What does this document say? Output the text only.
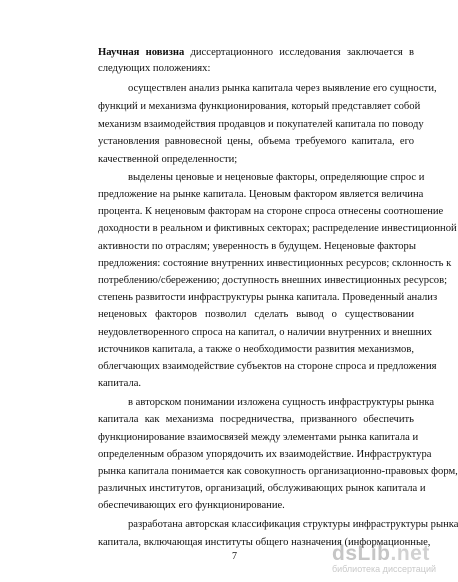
Научная новизна диссертационного исследования заключается в
следующих положениях:
осуществлен анализ рынка капитала через выявление его сущности,
функций и механизма функционирования, который представляет собой
механизм взаимодействия продавцов и покупателей капитала по поводу
установления равновесной цены, объема требуемого капитала, его
качественной определенности;
выделены ценовые и неценовые факторы, определяющие спрос и
предложение на рынке капитала. Ценовым фактором является величина
процента. К неценовым факторам на стороне спроса отнесены соотношение
доходности в реальном и фиктивных секторах; распределение инвестиционной
активности по отраслям; уверенность в будущем. Неценовые факторы
предложения: состояние внутренних инвестиционных ресурсов; склонность к
потреблению/сбережению; доступность внешних инвестиционных ресурсов;
степень развитости инфраструктуры рынка капитала. Проведенный анализ
неценовых факторов позволил сделать вывод о существовании
неудовлетворенного спроса на капитал, о наличии внутренних и внешних
источников капитала, а также о необходимости развития механизмов,
облегчающих взаимодействие субъектов на стороне спроса и предложения
капитала.
в авторском понимании изложена сущность инфраструктуры рынка
капитала как механизма посредничества, призванного обеспечить
функционирование взаимосвязей между элементами рынка капитала и
определенным образом упорядочить их взаимодействие. Инфраструктура
рынка капитала понимается как совокупность организационно-правовых форм,
различных институтов, организаций, обслуживающих рынок капитала и
обеспечивающих его функционирование.
7	dsLib.net
библиотека диссертаций
разработана авторская классификация структуры инфраструктуры рынка
капитала, включающая институты общего назначения (информационные,
